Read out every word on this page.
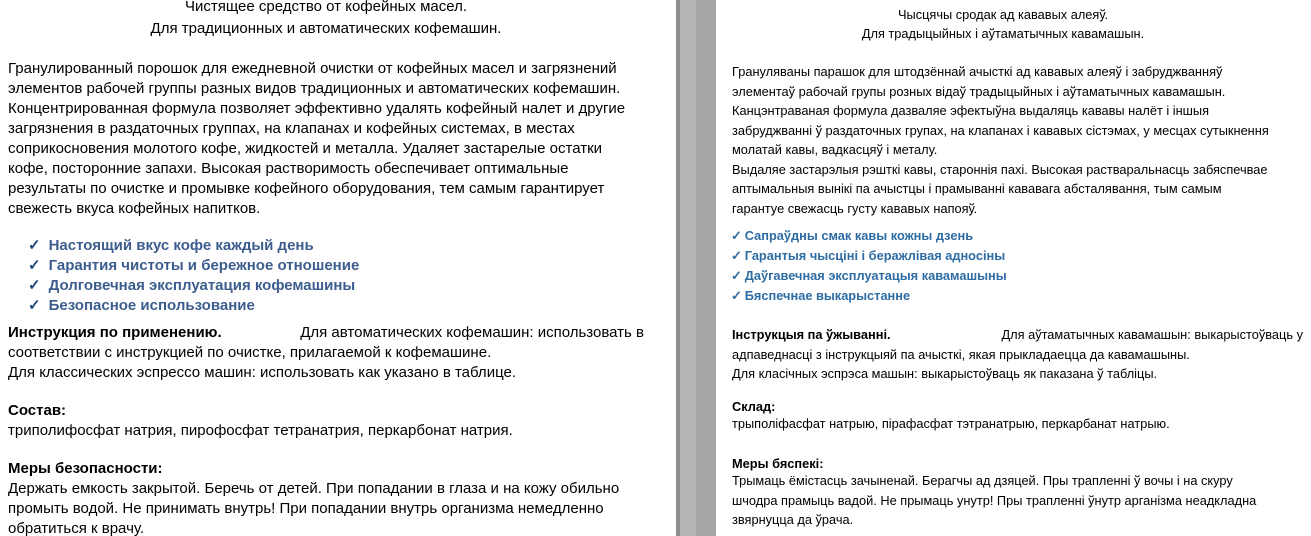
Чистящее средство от кофейных масел.
Для традиционных и автоматических кофемашин.
Гранулированный порошок для ежедневной очистки от кофейных масел и загрязнений
элементов рабочей группы разных видов традиционных и автоматических кофемашин.
Концентрированная формула позволяет эффективно удалять кофейный налет и другие
загрязнения в раздаточных группах, на клапанах и кофейных системах, в местах
соприкосновения молотого кофе, жидкостей и металла. Удаляет застарелые остатки
кофе, посторонние запахи. Высокая растворимость обеспечивает оптимальные
результаты по очистке и промывке кофейного оборудования, тем самым гарантирует
свежесть вкуса кофейных напитков.
✓ Настоящий вкус кофе каждый день
✓ Гарантия чистоты и бережное отношение
✓ Долговечная эксплуатация кофемашины
✓ Безопасное использование
Инструкция по применению.	Для автоматических кофемашин: использовать в
соответствии с инструкцией по очистке, прилагаемой к кофемашине.
Для классических эспрессо машин: использовать как указано в таблице.
Состав:
триполифосфат натрия, пирофосфат тетранатрия, перкарбонат натрия.
Меры безопасности:
Держать емкость закрытой. Беречь от детей. При попадании в глаза и на кожу обильно
промыть водой. Не принимать внутрь! При попадании внутрь организма немедленно
обратиться к врачу.
Чысцячы сродак ад кававых алеяў.
Для традыцыйных і аўтаматычных кавамашын.
Грануляваны парашок для штодзённай ачысткі ад кававых алеяў і забруджванняў
элементаў рабочай групы розных відаў традыцыйных і аўтаматычных кавамашын.
Канцэнтраваная формула дазваляе эфектыўна выдаляць кававы налёт і іншыя
забруджванні ў раздаточных групах, на клапанах і кававых сістэмах, у месцах сутыкнення
молатай кавы, вадкасцяў і металу.
Выдаляе застарэлыя рэшткі кавы, староннія пахі. Высокая растваральнасць забяспечвае
аптымальныя вынікі па ачыстцы і прамыванні кававага абсталявання, тым самым
гарантуе свежасць густу кававых напояў.
✓ Сапраўдны смак кавы кожны дзень
✓ Гарантыя чысціні і беражлівая адносіны
✓ Даўгавечная эксплуатацыя кавамашыны
✓ Бяспечнае выкарыстанне
Інструкцыя па ўжыванні.	Для аўтаматычных кавамашын: выкарыстоўваць у
адпаведнасці з інструкцыяй па ачысткі, якая прыкладаецца да кавамашыны.
Для класічных эспрэса машын: выкарыстоўваць як паказана ў табліцы.
Склад:
трыполіфасфат натрыю, пірафасфат тэтранатрыю, перкарбанат натрыю.
Меры бяспекі:
Трымаць ёмістасць зачыненай. Берагчы ад дзяцей. Пры трапленні ў вочы і на скуру
шчодра прамыць вадой. Не прымаць унутр! Пры трапленні ўнутр арганізма неадкладна
звярнуцца да ўрача.
